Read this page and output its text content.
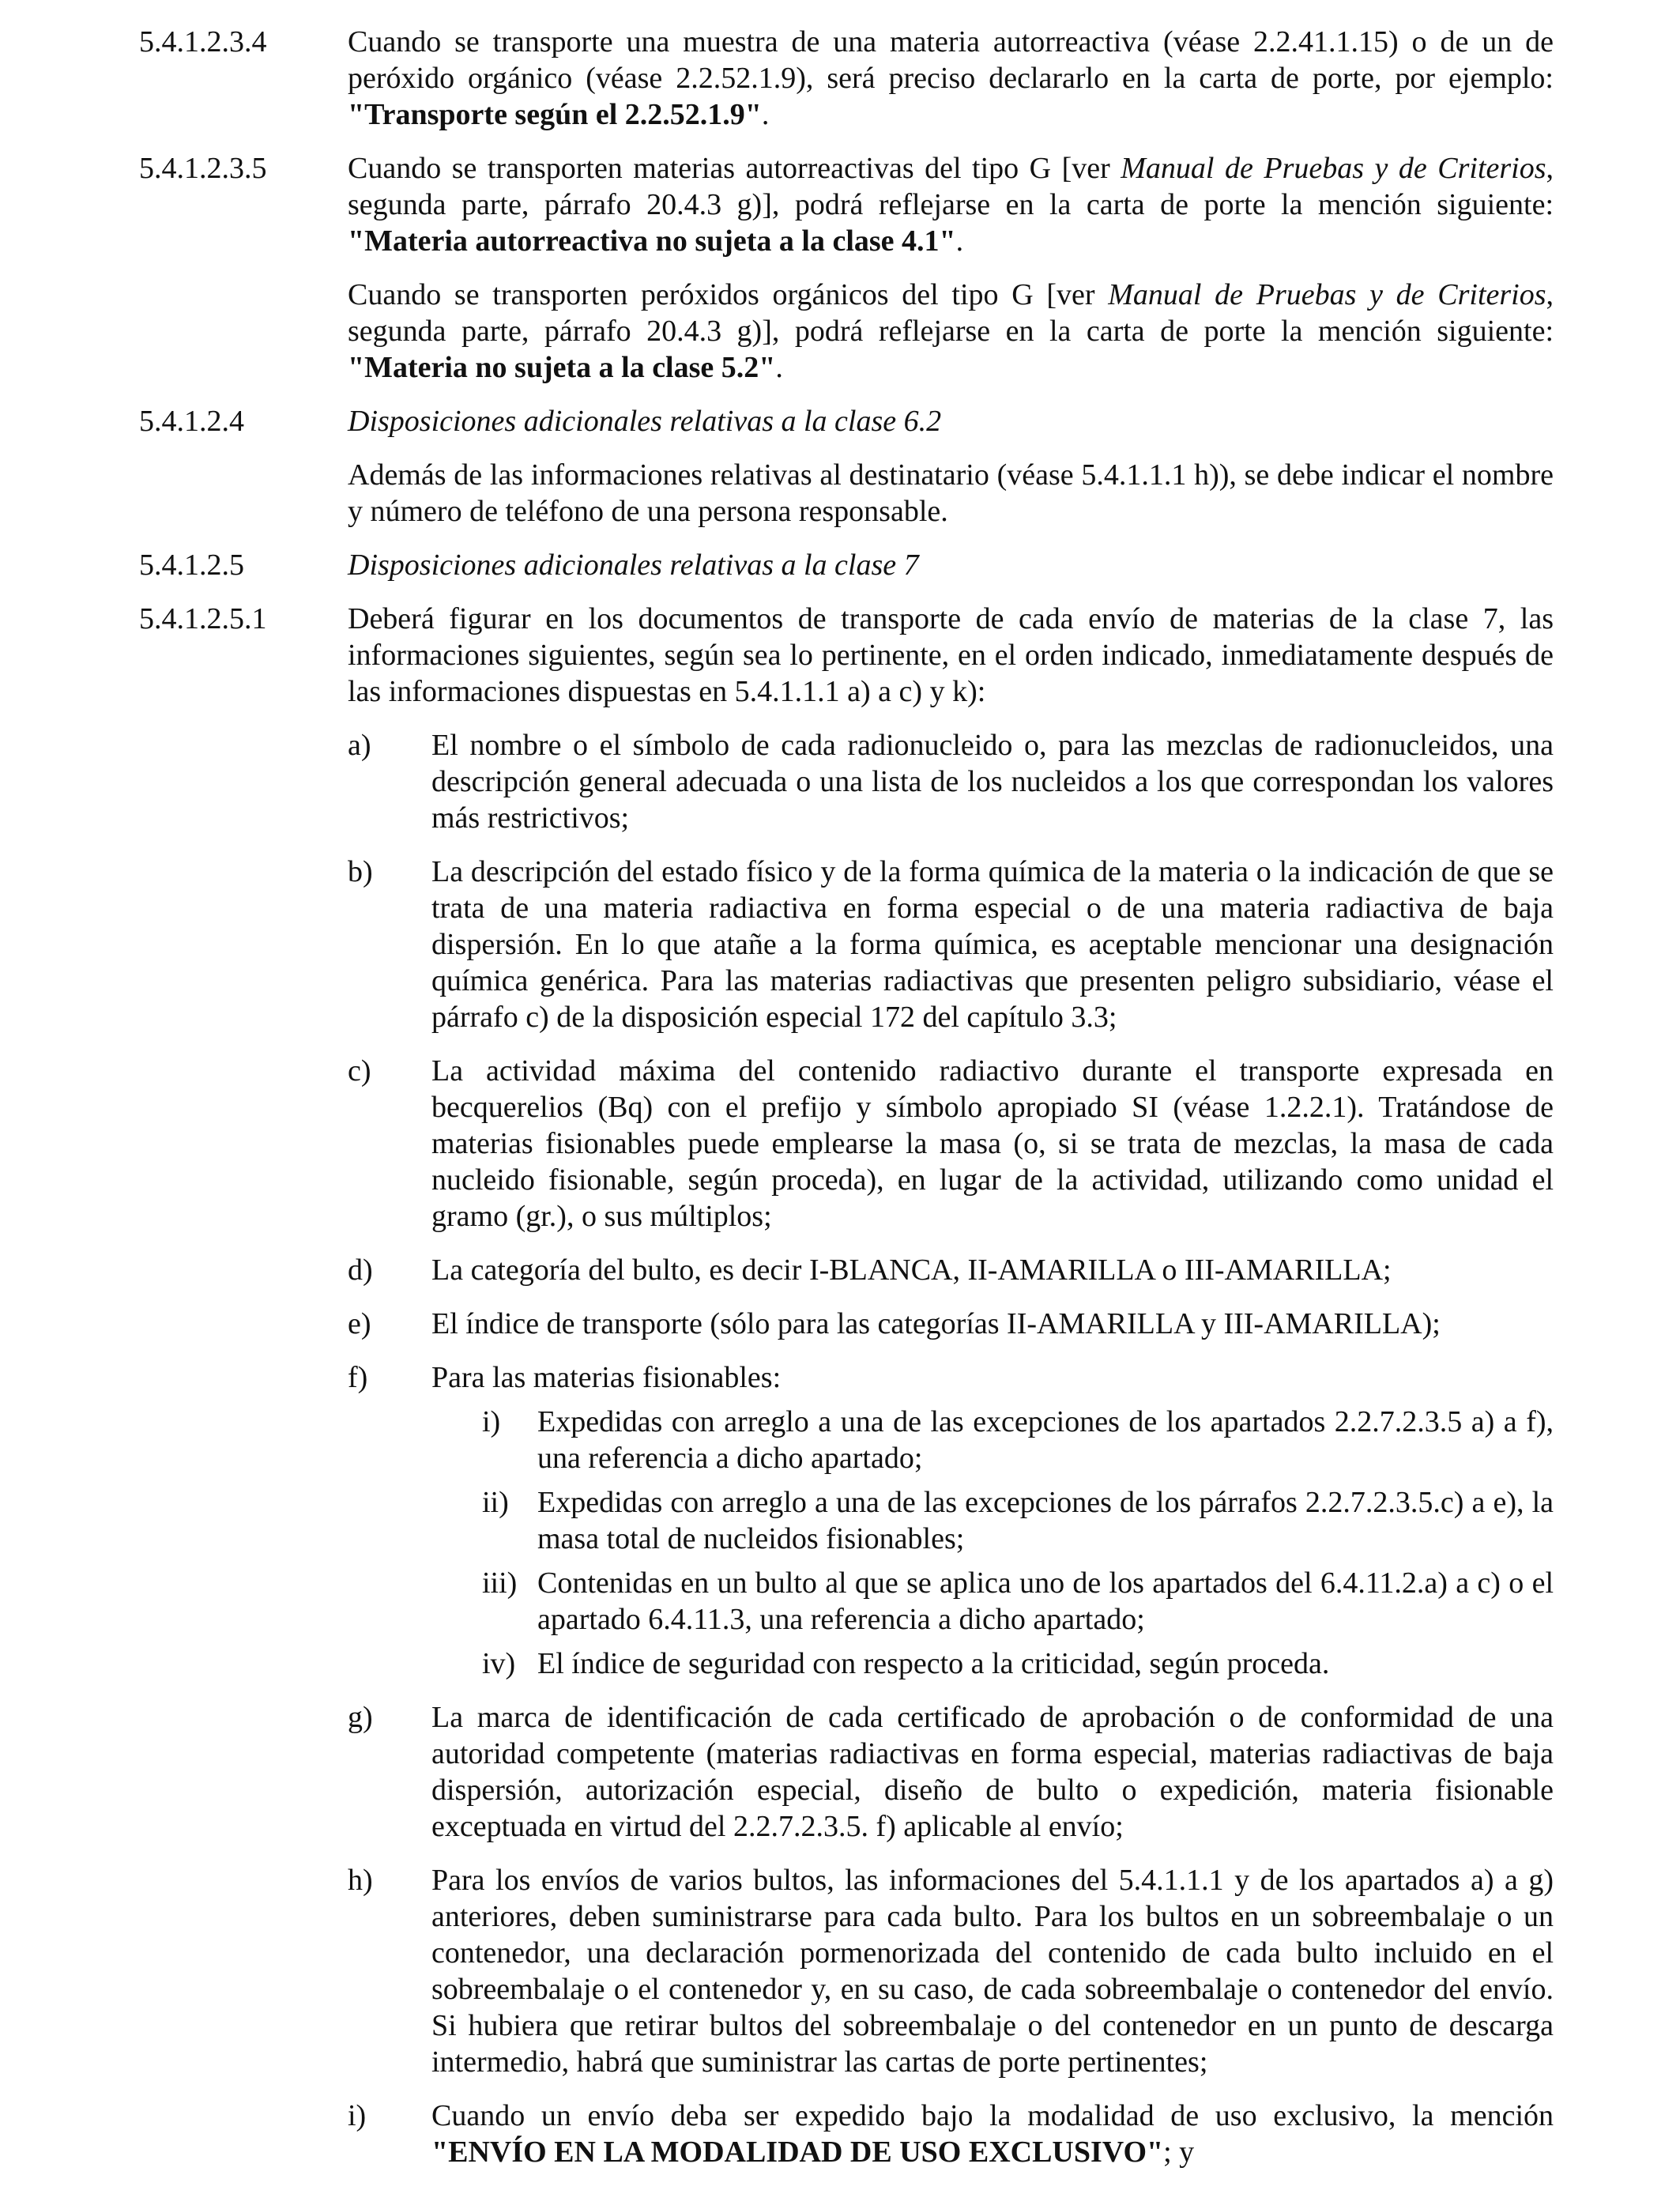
5.4.1.2.3.4	Cuando se transporte una muestra de una materia autorreactiva (véase 2.2.41.1.15) o de un de peróxido orgánico (véase 2.2.52.1.9), será preciso declararlo en la carta de porte, por ejemplo: "Transporte según el 2.2.52.1.9".

5.4.1.2.3.5	Cuando se transporten materias autorreactivas del tipo G [ver Manual de Pruebas y de Criterios, segunda parte, párrafo 20.4.3 g)], podrá reflejarse en la carta de porte la mención siguiente: "Materia autorreactiva no sujeta a la clase 4.1".

Cuando se transporten peróxidos orgánicos del tipo G [ver Manual de Pruebas y de Criterios, segunda parte, párrafo 20.4.3 g)], podrá reflejarse en la carta de porte la mención siguiente: "Materia no sujeta a la clase 5.2".

5.4.1.2.4	Disposiciones adicionales relativas a la clase 6.2

Además de las informaciones relativas al destinatario (véase 5.4.1.1.1 h)), se debe indicar el nombre y número de teléfono de una persona responsable.

5.4.1.2.5	Disposiciones adicionales relativas a la clase 7

5.4.1.2.5.1	Deberá figurar en los documentos de transporte de cada envío de materias de la clase 7, las informaciones siguientes, según sea lo pertinente, en el orden indicado, inmediatamente después de las informaciones dispuestas en 5.4.1.1.1 a) a c) y k):

a)	El nombre o el símbolo de cada radionucleido o, para las mezclas de radionucleidos, una descripción general adecuada o una lista de los nucleidos a los que correspondan los valores más restrictivos;
b)	La descripción del estado físico y de la forma química de la materia o la indicación de que se trata de una materia radiactiva en forma especial o de una materia radiactiva de baja dispersión. En lo que atañe a la forma química, es aceptable mencionar una designación química genérica. Para las materias radiactivas que presenten peligro subsidiario, véase el párrafo c) de la disposición especial 172 del capítulo 3.3;
c)	La actividad máxima del contenido radiactivo durante el transporte expresada en becquerelios (Bq) con el prefijo y símbolo apropiado SI (véase 1.2.2.1). Tratándose de materias fisionables puede emplearse la masa (o, si se trata de mezclas, la masa de cada nucleido fisionable, según proceda), en lugar de la actividad, utilizando como unidad el gramo (gr.), o sus múltiplos;
d)	La categoría del bulto, es decir I-BLANCA, II-AMARILLA o III-AMARILLA;
e)	El índice de transporte (sólo para las categorías II-AMARILLA y III-AMARILLA);
f)	Para las materias fisionables:
i)	Expedidas con arreglo a una de las excepciones de los apartados 2.2.7.2.3.5 a) a f), una referencia a dicho apartado;
ii) Expedidas con arreglo a una de las excepciones de los párrafos 2.2.7.2.3.5.c) a e), la masa total de nucleidos fisionables;
iii) Contenidas en un bulto al que se aplica uno de los apartados del 6.4.11.2.a) a c) o el apartado 6.4.11.3, una referencia a dicho apartado;
iv) El índice de seguridad con respecto a la criticidad, según proceda.
g)	La marca de identificación de cada certificado de aprobación o de conformidad de una autoridad competente (materias radiactivas en forma especial, materias radiactivas de baja dispersión, autorización especial, diseño de bulto o expedición, materia fisionable exceptuada en virtud del 2.2.7.2.3.5. f) aplicable al envío;
h)	Para los envíos de varios bultos, las informaciones del 5.4.1.1.1 y de los apartados a) a g) anteriores, deben suministrarse para cada bulto. Para los bultos en un sobreembalaje o un contenedor, una declaración pormenorizada del contenido de cada bulto incluido en el sobreembalaje o el contenedor y, en su caso, de cada sobreembalaje o contenedor del envío. Si hubiera que retirar bultos del sobreembalaje o del contenedor en un punto de descarga intermedio, habrá que suministrar las cartas de porte pertinentes;
i)	Cuando un envío deba ser expedido bajo la modalidad de uso exclusivo, la mención "ENVÍO EN LA MODALIDAD DE USO EXCLUSIVO"; y
